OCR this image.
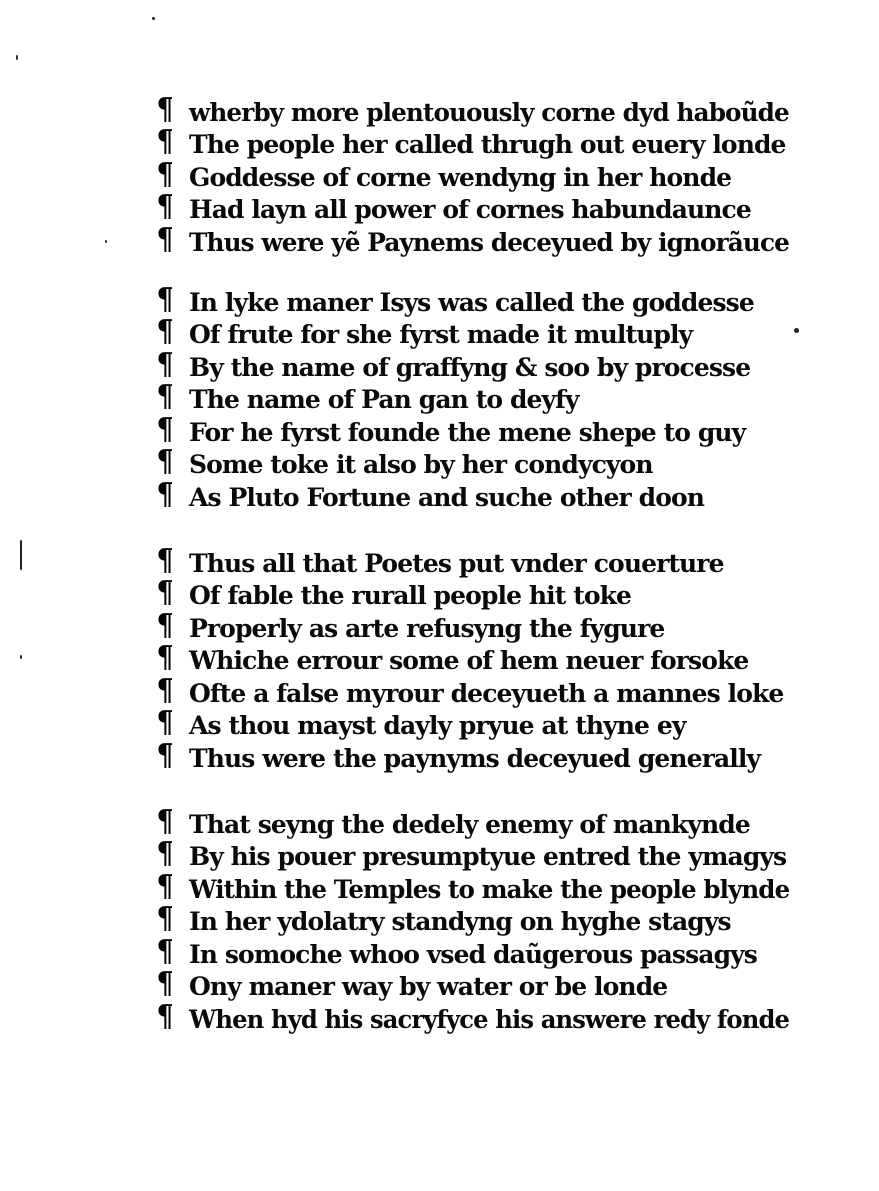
¶ wherby more plentouously corne dyd haboũde
¶ The people her called thrugh out euery londe
¶ Goddesse of corne wendyng in her honde
¶ Had layn all power of cornes habundaunce
¶ Thus were yẽ Paynems deceyued by ignorãuce
¶ In lyke maner Isys was called the goddesse
¶ Of frute for she fyrst made it multuply
¶ By the name of graffyng & soo by processe
¶ The name of Pan gan to deyfy
¶ For he fyrst founde the mene shepe to guy
¶ Some toke it also by her condycyon
¶ As Pluto Fortune and suche other doon
¶ Thus all that Poetes put vnder couerture
¶ Of fable the rurall people hit toke
¶ Properly as arte refusyng the fygure
¶ Whiche errour some of hem neuer forsoke
¶ Ofte a false myrour deceyueth a mannes loke
¶ As thou mayst dayly pryue at thyne ey
¶ Thus were the paynyms deceyued generally
¶ That seyng the dedely enemy of mankynde
¶ By his pouer presumptyue entred the ymagys
¶ Within the Temples to make the people blynde
¶ In her ydolatry standyng on hyghe stagys
¶ In somoche whoo vsed daũgerous passagys
¶ Ony maner way by water or be londe
¶ When hyd his sacryfyce his answere redy fonde
